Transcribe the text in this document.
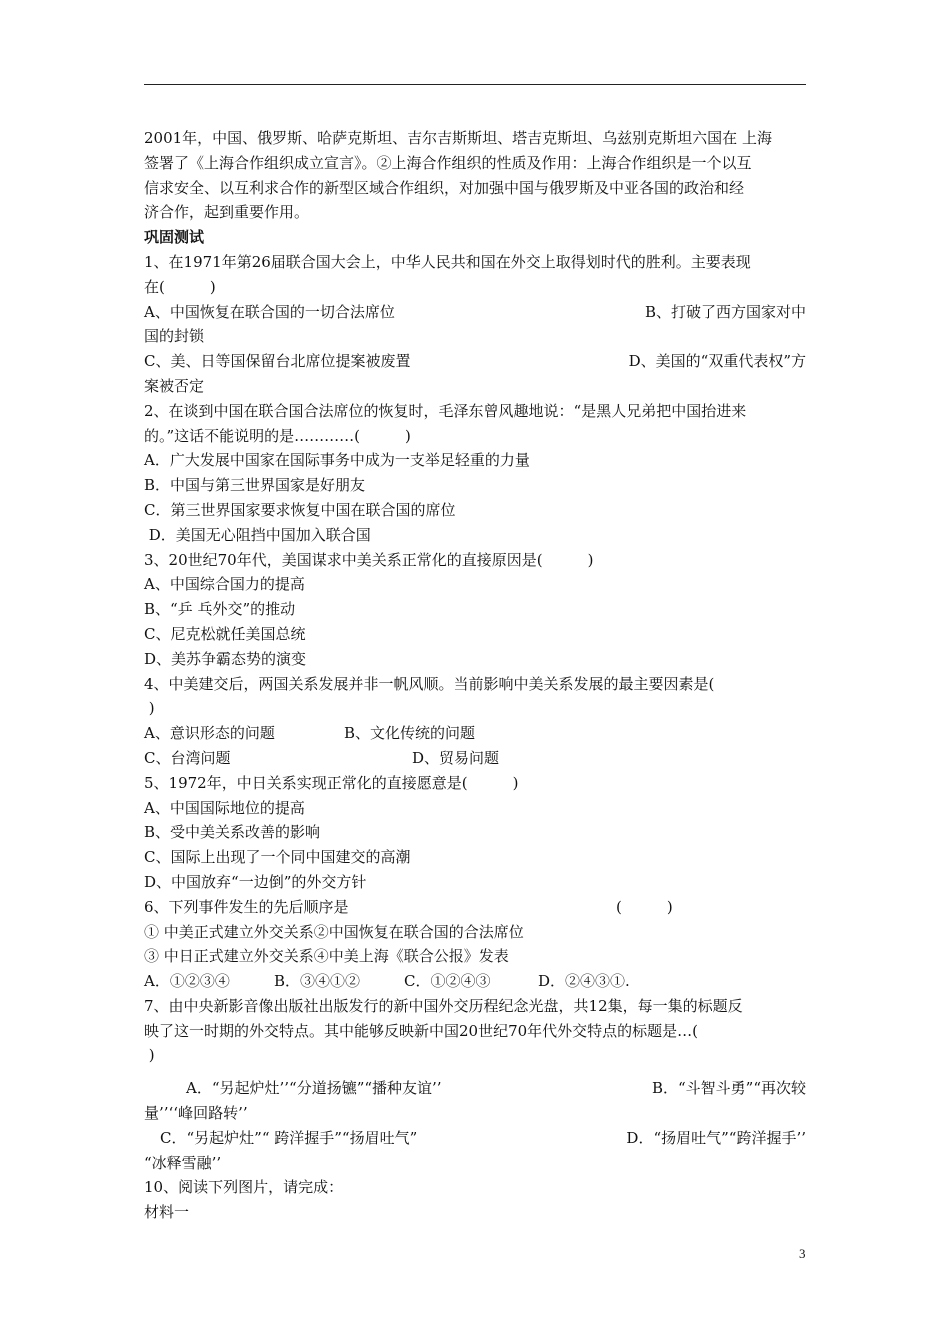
2001年，中国、俄罗斯、哈萨克斯坦、吉尔吉斯斯坦、塔吉克斯坦、乌兹别克斯坦六国在 上海
签署了《上海合作组织成立宣言》。②上海合作组织的性质及作用：上海合作组织是一个以互
信求安全、以互利求合作的新型区域合作组织，对加强中国与俄罗斯及中亚各国的政治和经
济合作，起到重要作用。
巩固测试
1、在1971年第26届联合国大会上，中华人民共和国在外交上取得划时代的胜利。主要表现
在(　　　)
A、中国恢复在联合国的一切合法席位	B、打破了西方国家对中
国的封锁
C、美、日等国保留台北席位提案被废置	D、美国的“双重代表权”方
案被否定
2、在谈到中国在联合国合法席位的恢复时，毛泽东曾风趣地说：“是黑人兄弟把中国抬进来
的。”这话不能说明的是…………(　　　)
A．广大发展中国家在国际事务中成为一支举足轻重的力量
B．中国与第三世界国家是好朋友
C．第三世界国家要求恢复中国在联合国的席位
D．美国无心阻挡中国加入联合国
3、20世纪70年代，美国谋求中美关系正常化的直接原因是(　　　)
A、中国综合国力的提高
B、“乒 乓外交”的推动
C、尼克松就任美国总统
D、美苏争霸态势的演变
4、中美建交后，两国关系发展并非一帆风顺。当前影响中美关系发展的最主要因素是(
)
A、意识形态的问题	B、文化传统的问题
C、台湾问题	D、贸易问题
5、1972年，中日关系实现正常化的直接愿意是(　　　)
A、中国国际地位的提高
B、受中美关系改善的影响
C、国际上出现了一个同中国建交的高潮
D、中国放弃“一边倒”的外交方针
6、下列事件发生的先后顺序是	(　　　)
① 中美正式建立外交关系②中国恢复在联合国的合法席位
③ 中日正式建立外交关系④中美上海《联合公报》发表
A．①②③④	B．③④①②	C．①②④③	D．②④③①.
7、由中央新影音像出版社出版发行的新中国外交历程纪念光盘，共12集，每一集的标题反
映了这一时期的外交特点。其中能够反映新中国20世纪70年代外交特点的标题是…(
)
A．“另起炉灶’’“分道扬镳”“播种友谊’’	B．“斗智斗勇”“再次较
量’’‘‘峰回路转’’
C．“另起炉灶”“ 跨洋握手”“扬眉吐气”	D．“扬眉吐气”“跨洋握手’’
“冰释雪融’’
10、阅读下列图片，请完成：
材料一
3
